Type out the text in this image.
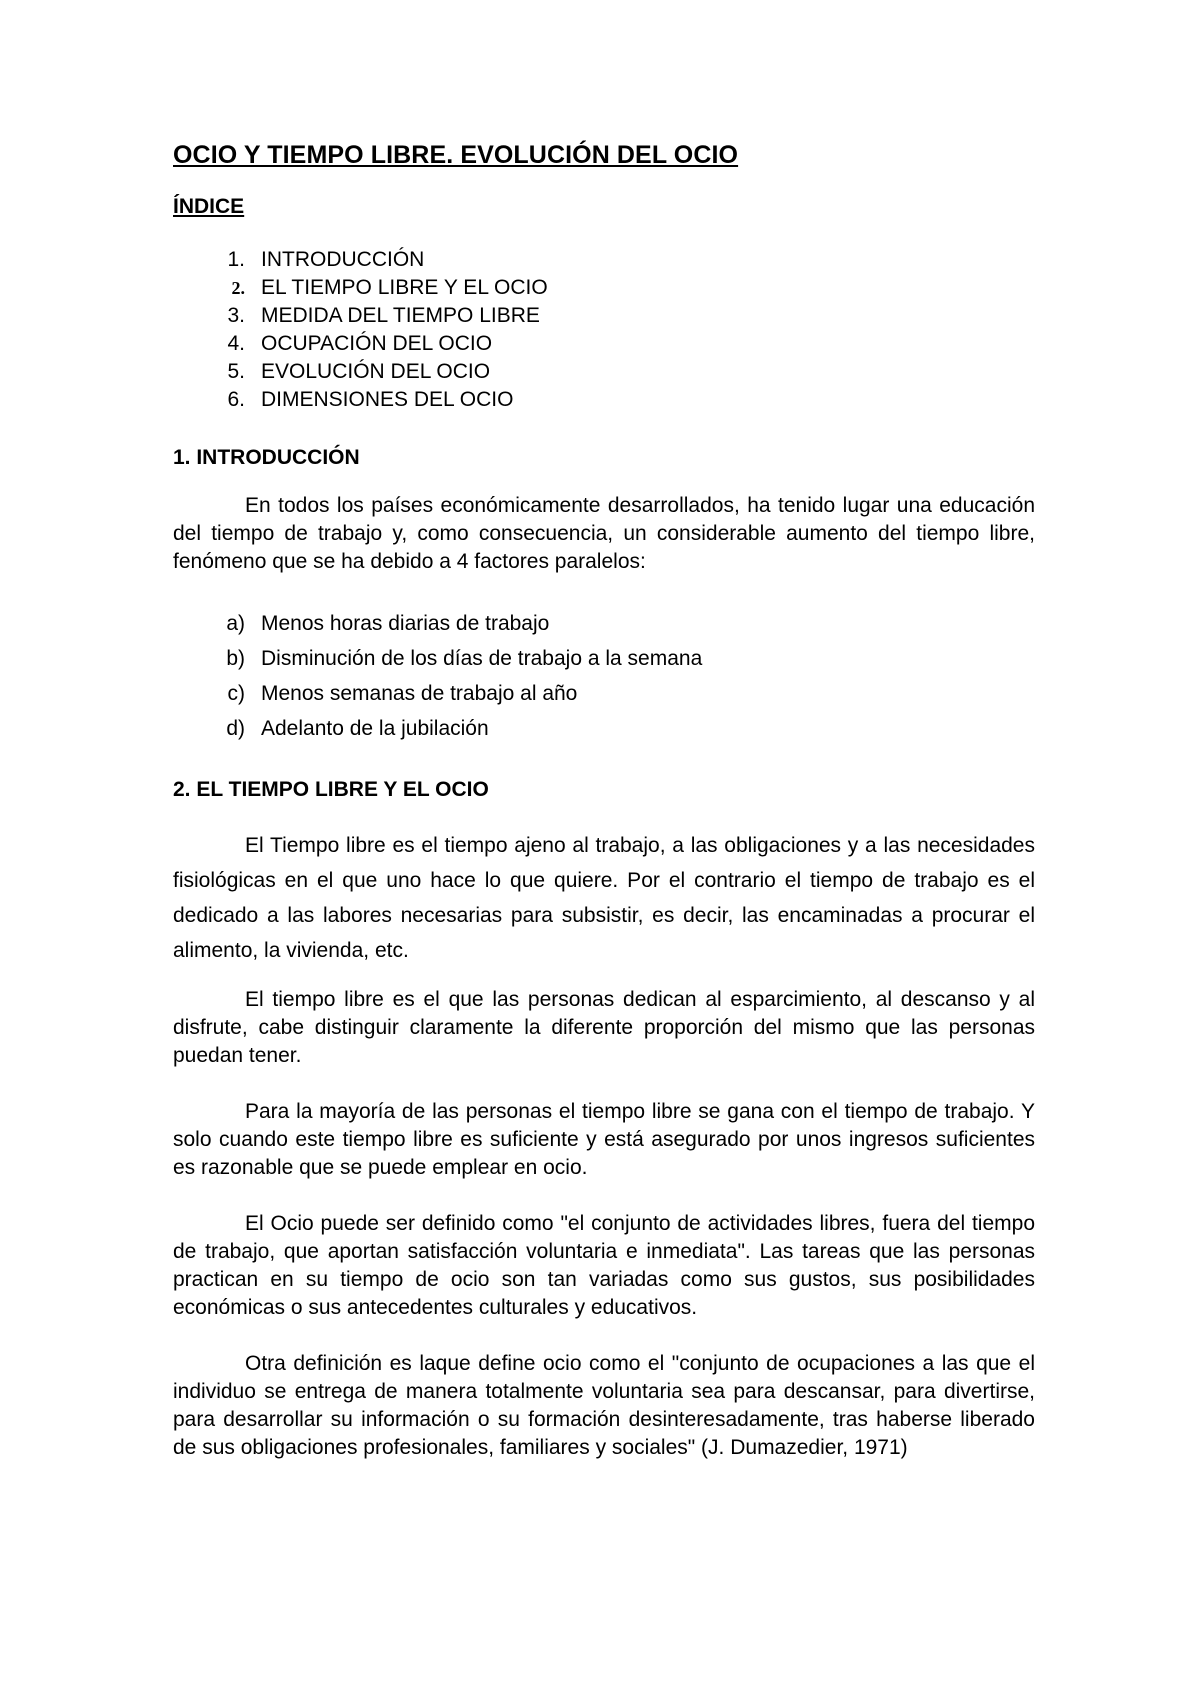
OCIO Y TIEMPO LIBRE. EVOLUCIÓN DEL OCIO
ÍNDICE
1. INTRODUCCIÓN
2. EL TIEMPO LIBRE Y EL OCIO
3. MEDIDA DEL TIEMPO LIBRE
4. OCUPACIÓN DEL OCIO
5. EVOLUCIÓN DEL OCIO
6. DIMENSIONES DEL OCIO
1. INTRODUCCIÓN

En todos los países económicamente desarrollados, ha tenido lugar una educación del tiempo de trabajo y, como consecuencia, un considerable aumento del tiempo libre, fenómeno que se ha debido a 4 factores paralelos:

a) Menos horas diarias de trabajo
b) Disminución de los días de trabajo a la semana
c) Menos semanas de trabajo al año
d) Adelanto de la jubilación
2. EL TIEMPO LIBRE Y EL OCIO

El Tiempo libre es el tiempo ajeno al trabajo, a las obligaciones y a las necesidades fisiológicas en el que uno hace lo que quiere. Por el contrario el tiempo de trabajo es el dedicado a las labores necesarias para subsistir, es decir, las encaminadas a procurar el alimento, la vivienda, etc.

El tiempo libre es el que las personas dedican al esparcimiento, al descanso y al disfrute, cabe distinguir claramente la diferente proporción del mismo que las personas puedan tener.

Para la mayoría de las personas el tiempo libre se gana con el tiempo de trabajo. Y solo cuando este tiempo libre es suficiente y está asegurado por unos ingresos suficientes es razonable que se puede emplear en ocio.

El Ocio puede ser definido como "el conjunto de actividades libres, fuera del tiempo de trabajo, que aportan satisfacción voluntaria e inmediata". Las tareas que las personas practican en su tiempo de ocio son tan variadas como sus gustos, sus posibilidades económicas o sus antecedentes culturales y educativos.

Otra definición es laque define ocio como el "conjunto de ocupaciones a las que el individuo se entrega de manera totalmente voluntaria sea para descansar, para divertirse, para desarrollar su información o su formación desinteresadamente, tras haberse liberado de sus obligaciones profesionales, familiares y sociales" (J. Dumazedier, 1971)
